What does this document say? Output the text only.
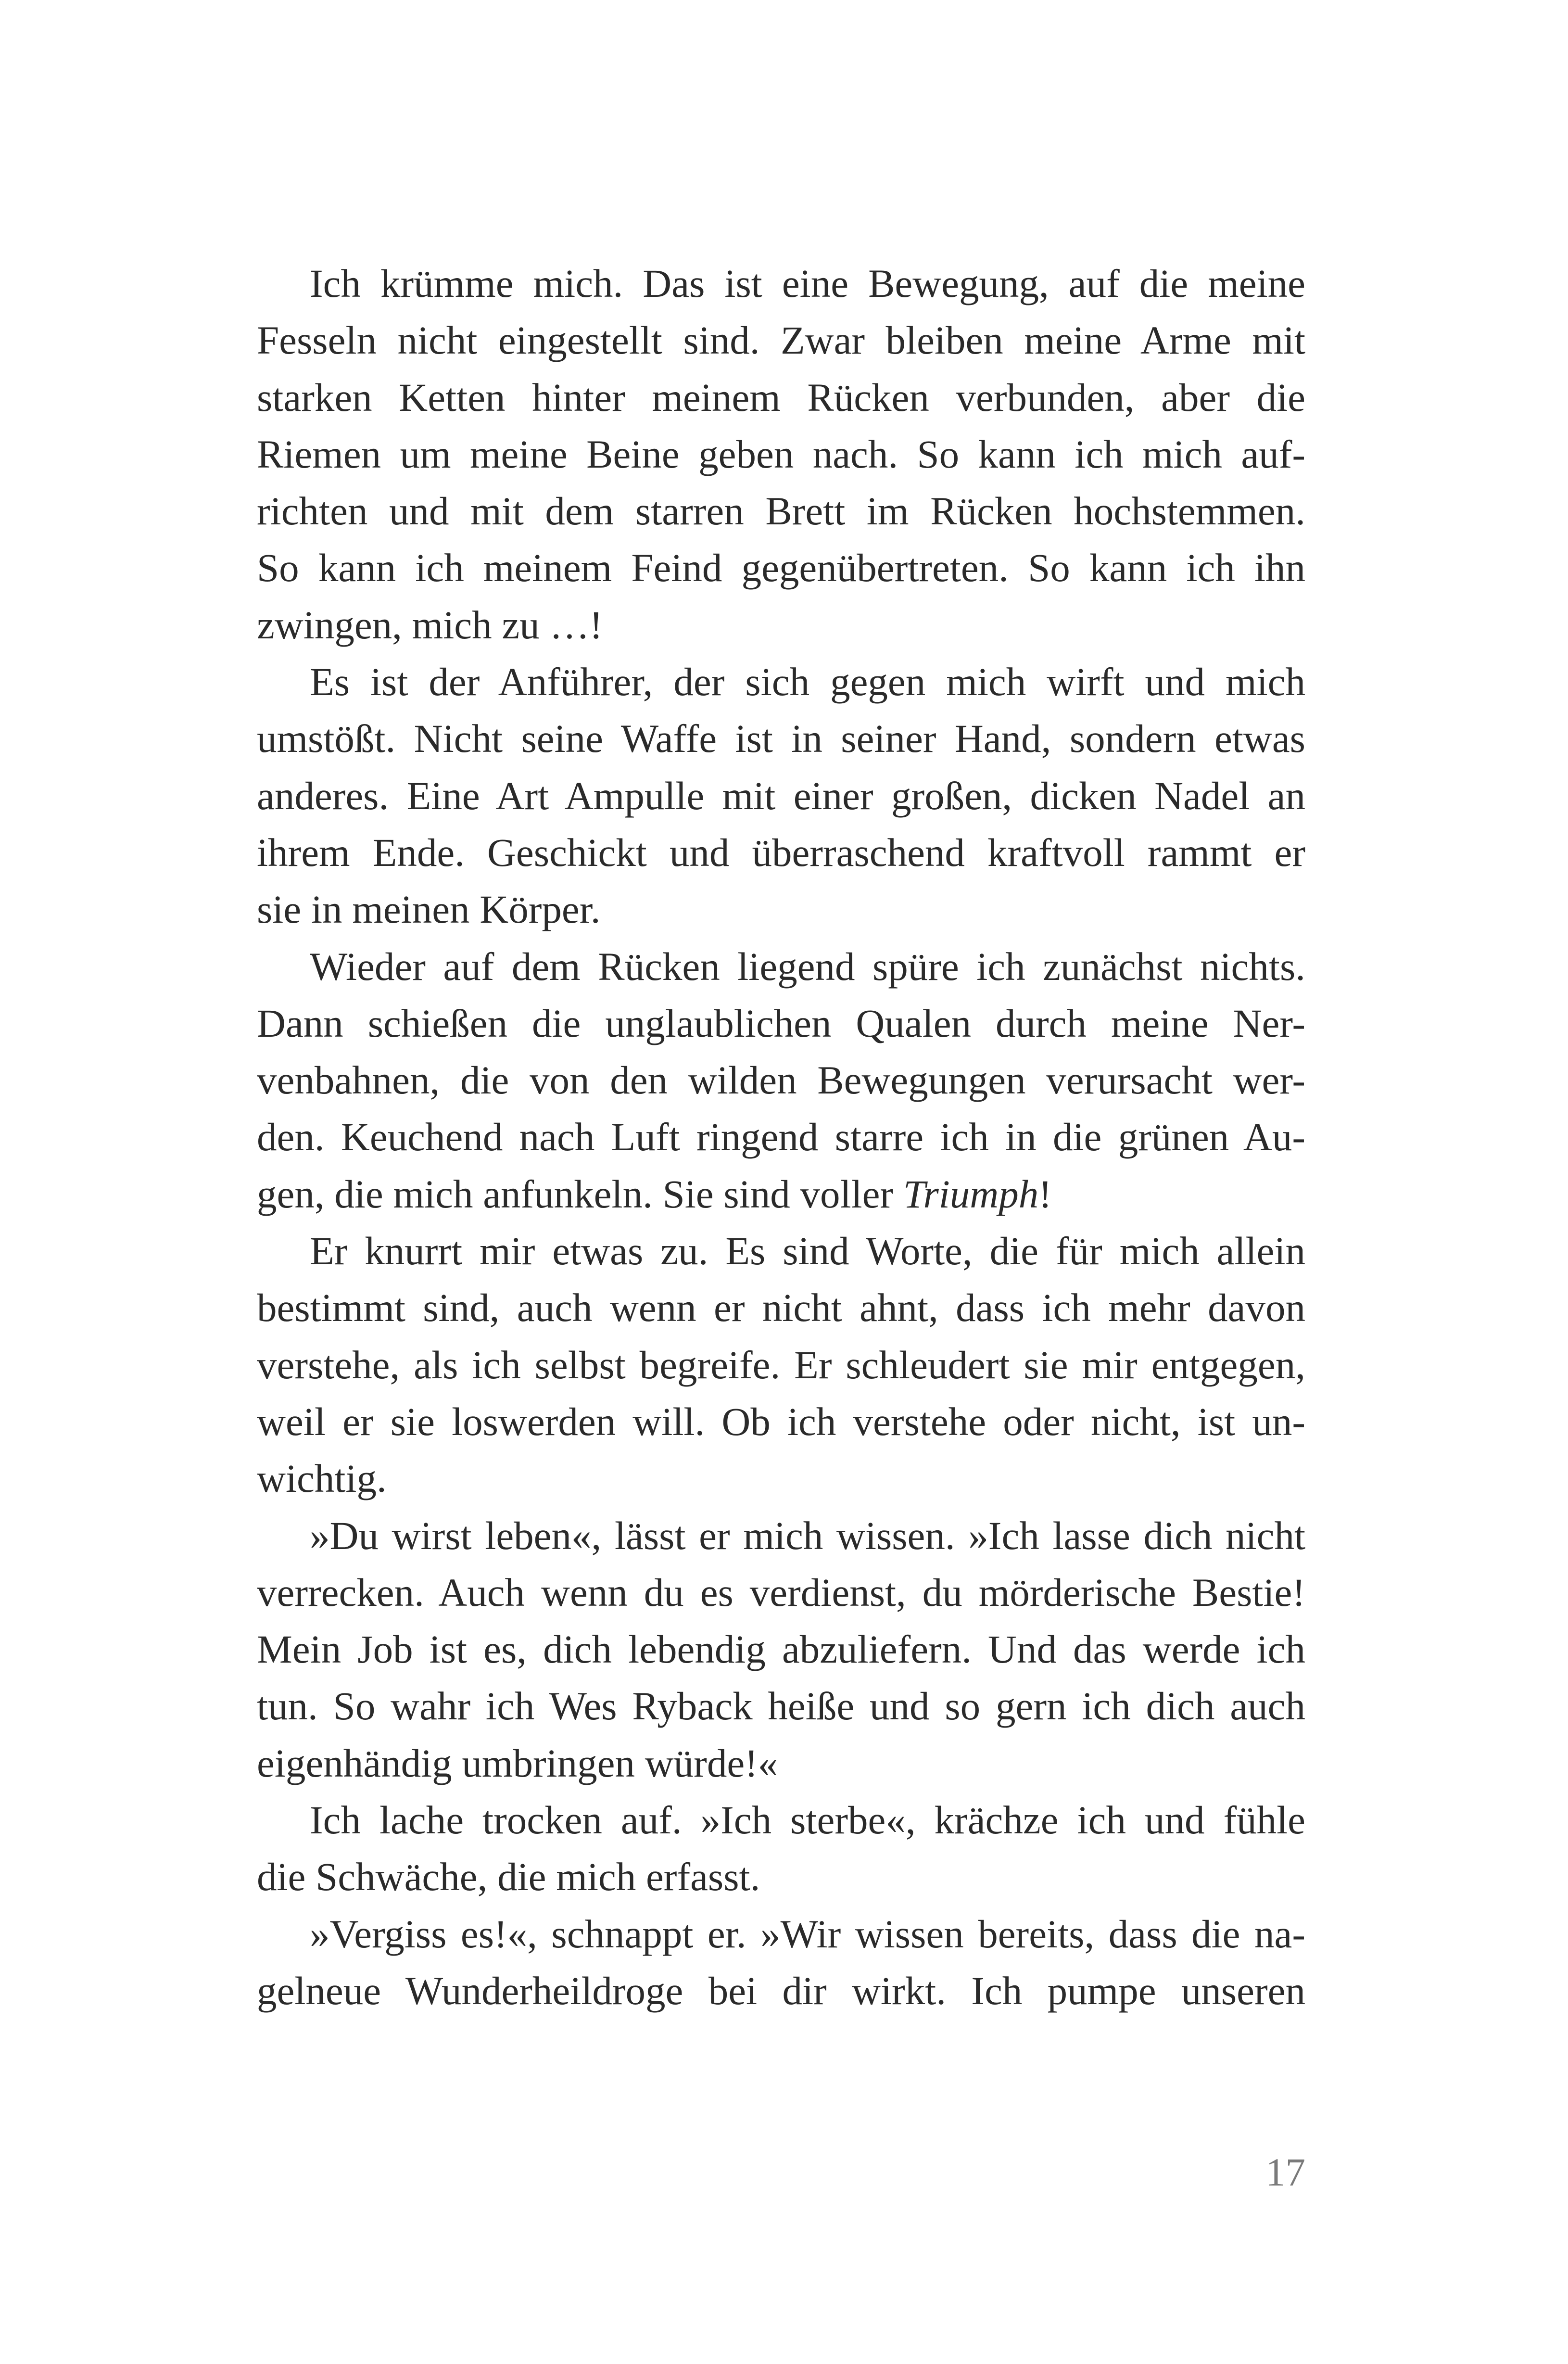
Ich krümme mich. Das ist eine Bewegung, auf die meine
Fesseln nicht eingestellt sind. Zwar bleiben meine Arme mit
starken Ketten hinter meinem Rücken verbunden, aber die
Riemen um meine Beine geben nach. So kann ich mich auf-
richten und mit dem starren Brett im Rücken hochstemmen.
So kann ich meinem Feind gegenübertreten. So kann ich ihn
zwingen, mich zu …!
Es ist der Anführer, der sich gegen mich wirft und mich
umstößt. Nicht seine Waffe ist in seiner Hand, sondern etwas
anderes. Eine Art Ampulle mit einer großen, dicken Nadel an
ihrem Ende. Geschickt und überraschend kraftvoll rammt er
sie in meinen Körper.
Wieder auf dem Rücken liegend spüre ich zunächst nichts.
Dann schießen die unglaublichen Qualen durch meine Ner-
venbahnen, die von den wilden Bewegungen verursacht wer-
den. Keuchend nach Luft ringend starre ich in die grünen Au-
gen, die mich anfunkeln. Sie sind voller Triumph!
Er knurrt mir etwas zu. Es sind Worte, die für mich allein
bestimmt sind, auch wenn er nicht ahnt, dass ich mehr davon
verstehe, als ich selbst begreife. Er schleudert sie mir entgegen,
weil er sie loswerden will. Ob ich verstehe oder nicht, ist un-
wichtig.
»Du wirst leben«, lässt er mich wissen. »Ich lasse dich nicht
verrecken. Auch wenn du es verdienst, du mörderische Bestie!
Mein Job ist es, dich lebendig abzuliefern. Und das werde ich
tun. So wahr ich Wes Ryback heiße und so gern ich dich auch
eigenhändig umbringen würde!«
Ich lache trocken auf. »Ich sterbe«, krächze ich und fühle
die Schwäche, die mich erfasst.
»Vergiss es!«, schnappt er. »Wir wissen bereits, dass die na-
gelneue Wunderheildroge bei dir wirkt. Ich pumpe unseren
17
